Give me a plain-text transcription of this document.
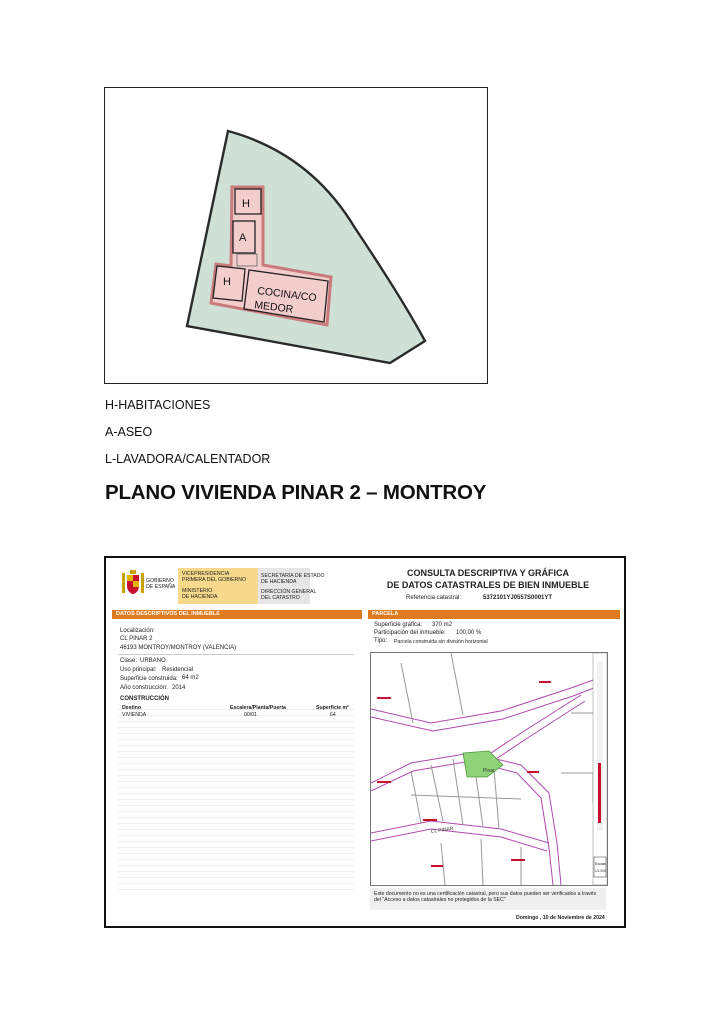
H
A
H
COCINA/CO
MEDOR
H-HABITACIONES
A-ASEO
L-LAVADORA/CALENTADOR
PLANO VIVIENDA PINAR 2 – MONTROY
GOBIERNO
DE ESPAÑA
VICEPRESIDENCIA
PRIMERA DEL GOBIERNO
MINISTERIO
DE HACIENDA
SECRETARÍA DE ESTADO
DE HACIENDA
DIRECCIÓN GENERAL
DEL CATASTRO
CONSULTA DESCRIPTIVA Y GRÁFICA
DE DATOS CATASTRALES DE BIEN INMUEBLE
Referencia catastral:	5372101YJ0557S0001YT
DATOS DESCRIPTIVOS DEL INMUEBLE	PARCELA
Localización:
CL PINAR 2
46193 MONTROY/MONTROY (VALENCIA)
Clase: URBANO
Uso principal: Residencial
Superficie construida: 64 m2
Año construcción: 2014
CONSTRUCCIÓN
Destino	Escalera/Planta/Puerta	Superficie m²
VIVIENDA	00/01	64
Superficie gráfica: 370 m2
Participación del inmueble: 100,00 %
Tipo: Parcela construida sin división horizontal
Pinar
CL PINAR
Escala
1/1.000
Este documento no es una certificación catastral, pero sus datos pueden ser verificados a través del "Acceso a datos catastrales no protegidos de la SEC"
Domingo , 10 de Noviembre de 2024
